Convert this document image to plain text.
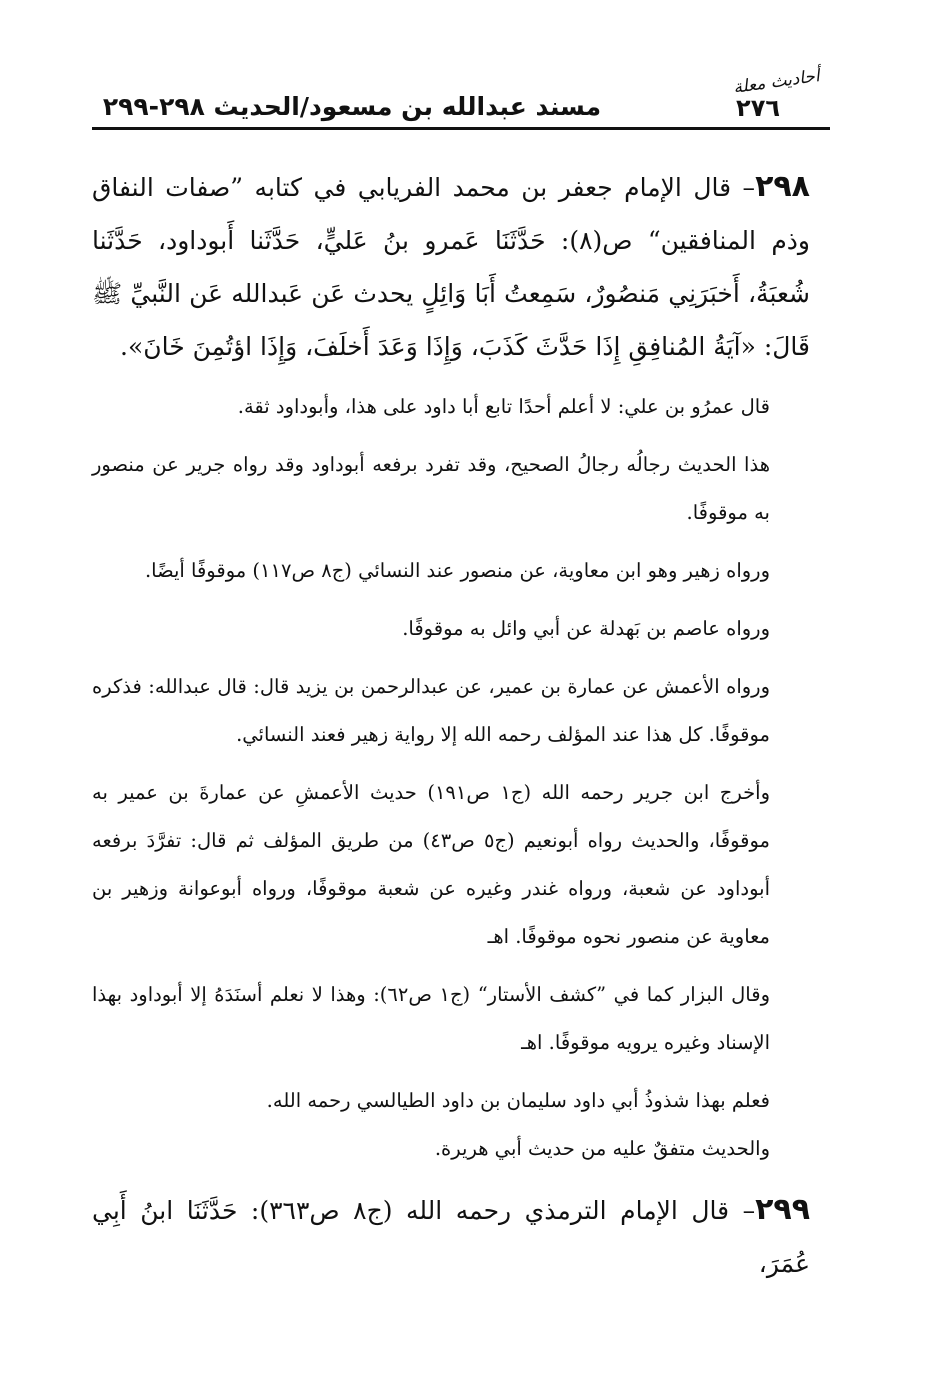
أحاديث معلة
٢٧٦
مسند عبدالله بن مسعود/الحديث ٢٩٨-٢٩٩

٢٩٨– قال الإمام جعفر بن محمد الفريابي في كتابه ”صفات النفاق وذم المنافقين“ ص(٨): حَدَّثَنَا عَمرو بنُ عَليٍّ، حَدَّثَنا أَبوداود، حَدَّثَنا شُعبَةُ، أَخبَرَنِي مَنصُورٌ، سَمِعتُ أَبَا وَائِلٍ يحدث عَن عَبدالله عَن النَّبيِّ ﷺ قَالَ: «آيَةُ المُنافِقِ إِذَا حَدَّثَ كَذَبَ، وَإِذَا وَعَدَ أَخلَفَ، وَإِذَا اؤتُمِنَ خَانَ».

قال عمرُو بن علي: لا أعلم أحدًا تابع أبا داود على هذا، وأبوداود ثقة.

هذا الحديث رجالُه رجالُ الصحيح، وقد تفرد برفعه أبوداود وقد رواه جرير عن منصور به موقوفًا.

ورواه زهير وهو ابن معاوية، عن منصور عند النسائي (ج٨ ص١١٧) موقوفًا أيضًا.

ورواه عاصم بن بَهدلة عن أبي وائل به موقوفًا.

ورواه الأعمش عن عمارة بن عمير، عن عبدالرحمن بن يزيد قال: قال عبدالله: فذكره موقوفًا. كل هذا عند المؤلف رحمه الله إلا رواية زهير فعند النسائي.

وأخرج ابن جرير رحمه الله (ج١ ص١٩١) حديث الأعمشِ عن عمارةَ بن عمير به موقوفًا، والحديث رواه أبونعيم (ج٥ ص٤٣) من طريق المؤلف ثم قال: تفرَّدَ برفعه أبوداود عن شعبة، ورواه غندر وغيره عن شعبة موقوفًا، ورواه أبوعوانة وزهير بن معاوية عن منصور نحوه موقوفًا. اهـ

وقال البزار كما في ”كشف الأستار“ (ج١ ص٦٢): وهذا لا نعلم أسنَدَهُ إلا أبوداود بهذا الإسناد وغيره يرويه موقوفًا. اهـ

فعلم بهذا شذوذُ أبي داود سليمان بن داود الطيالسي رحمه الله.

والحديث متفقٌ عليه من حديث أبي هريرة.

٢٩٩– قال الإمام الترمذي رحمه الله (ج٨ ص٣٦٣): حَدَّثَنَا ابنُ أَبِي عُمَرَ،
